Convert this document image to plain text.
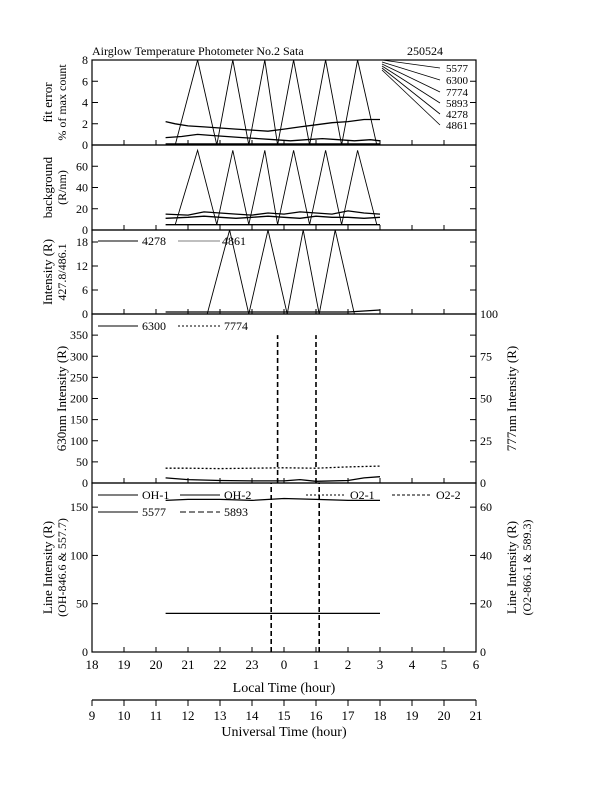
Airglow Temperature Photometer No.2 Sata	250524
0
2
4
6
8
fit error % of max count	5577
6300
7774
5893
4278
4861
0
20
40
60
background (R/nm)
0
6
12
18
Intensity (R) 427.8/486.1
4278	4861
0
50
100
150
200
250
300
350
0
25
50
75
100
630nm Intensity (R)	777nm Intensity (R)
6300	7774
0
50
100
150
0
20
40
60
Line Intensity (R) (OH-846.6 & 557.7)	Line Intensity (R) (O2-866.1 & 589.3)
OH-1	OH-2	O2-1	O2-2
5577	5893
18 19 20 21 22 23 0 1 2 3 4 5 6
Local Time (hour)
9 10 11 12 13 14 15 16 17 18 19 20 21
Universal Time (hour)
